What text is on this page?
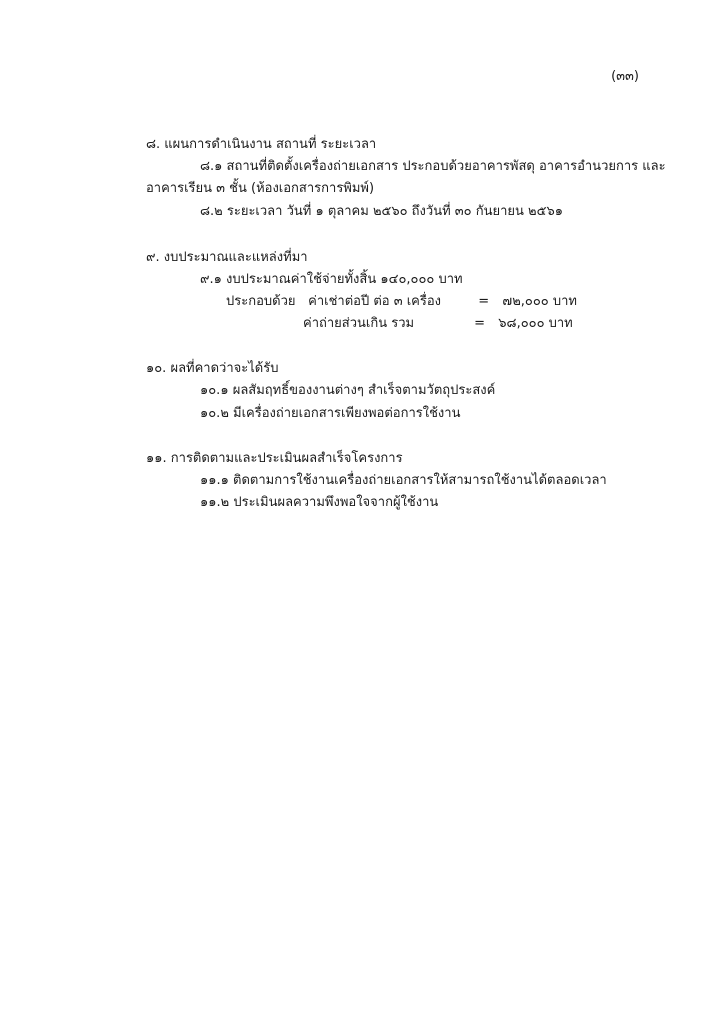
(๓๓)
๘. แผนการดำเนินงาน สถานที่ ระยะเวลา
๘.๑ สถานที่ติดตั้งเครื่องถ่ายเอกสาร ประกอบด้วยอาคารพัสดุ อาคารอำนวยการ และ
อาคารเรียน ๓ ชั้น (ห้องเอกสารการพิมพ์)
๘.๒ ระยะเวลา วันที่ ๑ ตุลาคม ๒๕๖๐ ถึงวันที่ ๓๐ กันยายน ๒๕๖๑
๙. งบประมาณและแหล่งที่มา
๙.๑ งบประมาณค่าใช้จ่ายทั้งสิ้น ๑๔๐,๐๐๐ บาท
ประกอบด้วย ค่าเช่าต่อปี ต่อ ๓ เครื่อง	= ๗๒,๐๐๐ บาท
ค่าถ่ายส่วนเกิน รวม	= ๖๘,๐๐๐ บาท
๑๐. ผลที่คาดว่าจะได้รับ
๑๐.๑ ผลสัมฤทธิ์ของงานต่างๆ สำเร็จตามวัตถุประสงค์
๑๐.๒ มีเครื่องถ่ายเอกสารเพียงพอต่อการใช้งาน
๑๑. การติดตามและประเมินผลสำเร็จโครงการ
๑๑.๑ ติดตามการใช้งานเครื่องถ่ายเอกสารให้สามารถใช้งานได้ตลอดเวลา
๑๑.๒ ประเมินผลความพึงพอใจจากผู้ใช้งาน
